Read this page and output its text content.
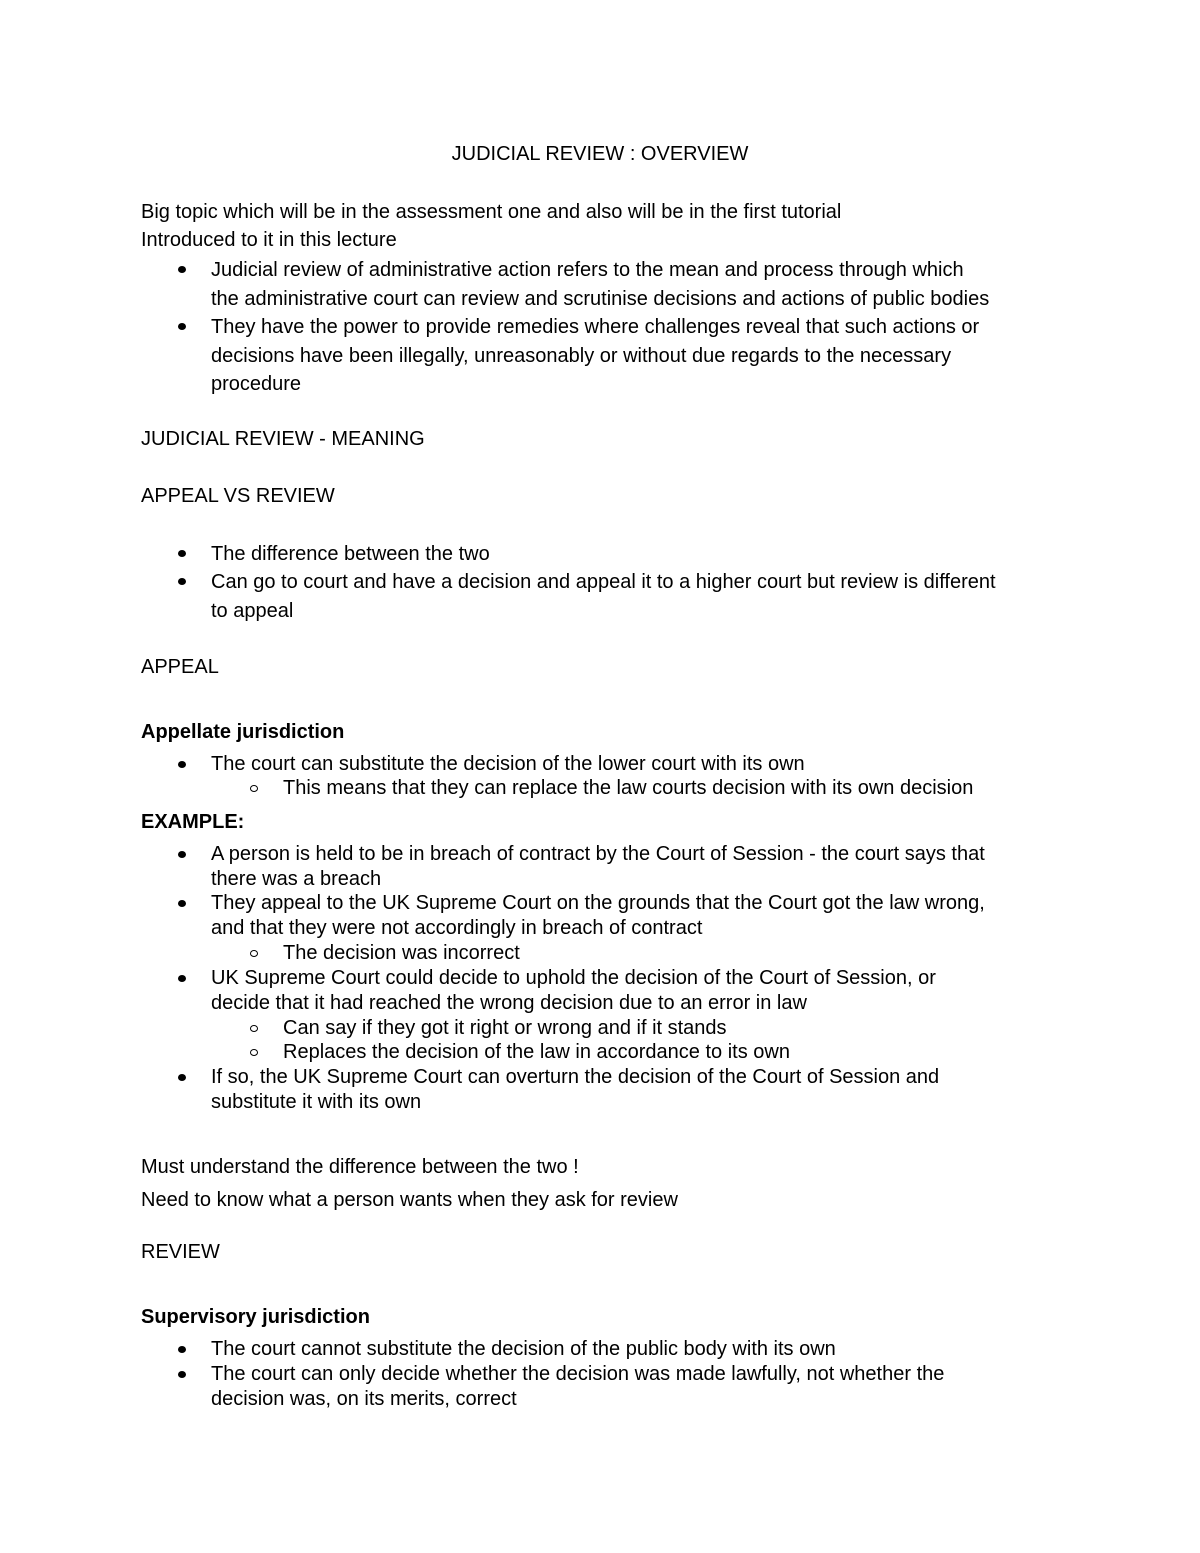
JUDICIAL REVIEW : OVERVIEW
Big topic which will be in the assessment one and also will be in the first tutorial
Introduced to it in this lecture
Judicial review of administrative action refers to the mean and process through which
the administrative court can review and scrutinise decisions and actions of public bodies
They have the power to provide remedies where challenges reveal that such actions or
decisions have been illegally, unreasonably or without due regards to the necessary
procedure
JUDICIAL REVIEW - MEANING
APPEAL VS REVIEW
The difference between the two
Can go to court and have a decision and appeal it to a higher court but review is different
to appeal
APPEAL
Appellate jurisdiction
The court can substitute the decision of the lower court with its own
This means that they can replace the law courts decision with its own decision
EXAMPLE:
A person is held to be in breach of contract by the Court of Session - the court says that
there was a breach
They appeal to the UK Supreme Court on the grounds that the Court got the law wrong,
and that they were not accordingly in breach of contract
The decision was incorrect
UK Supreme Court could decide to uphold the decision of the Court of Session, or
decide that it had reached the wrong decision due to an error in law
Can say if they got it right or wrong and if it stands
Replaces the decision of the law in accordance to its own
If so, the UK Supreme Court can overturn the decision of the Court of Session and
substitute it with its own
Must understand the difference between the two !
Need to know what a person wants when they ask for review
REVIEW
Supervisory jurisdiction
The court cannot substitute the decision of the public body with its own
The court can only decide whether the decision was made lawfully, not whether the
decision was, on its merits, correct
